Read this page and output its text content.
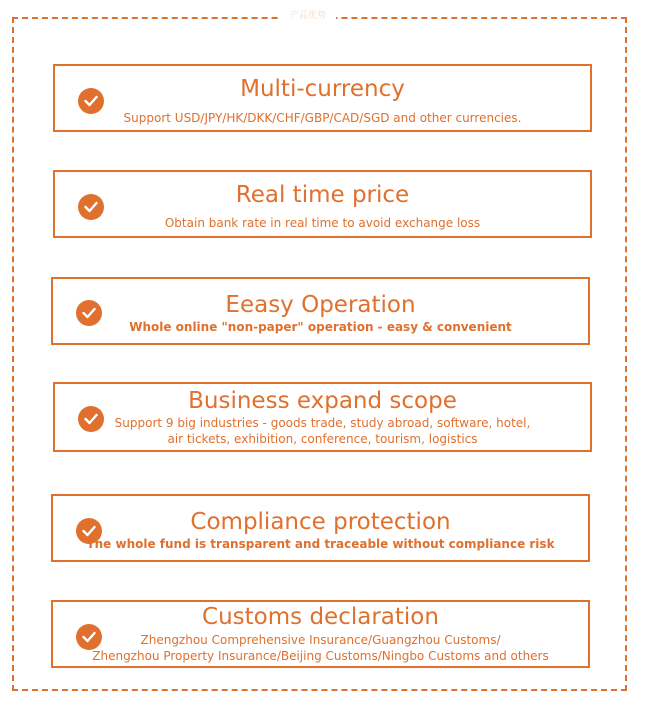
产品优势
Multi-currency
Support USD/JPY/HK/DKK/CHF/GBP/CAD/SGD and other currencies.
Real time price
Obtain bank rate in real time to avoid exchange loss
Eeasy Operation
Whole online "non-paper" operation - easy & convenient
Business expand scope
Support 9 big industries - goods trade, study abroad, software, hotel,
air tickets, exhibition, conference, tourism, logistics
Compliance protection
The whole fund is transparent and traceable without compliance risk
Customs declaration
Zhengzhou Comprehensive Insurance/Guangzhou Customs/
Zhengzhou Property Insurance/Beijing Customs/Ningbo Customs and others
